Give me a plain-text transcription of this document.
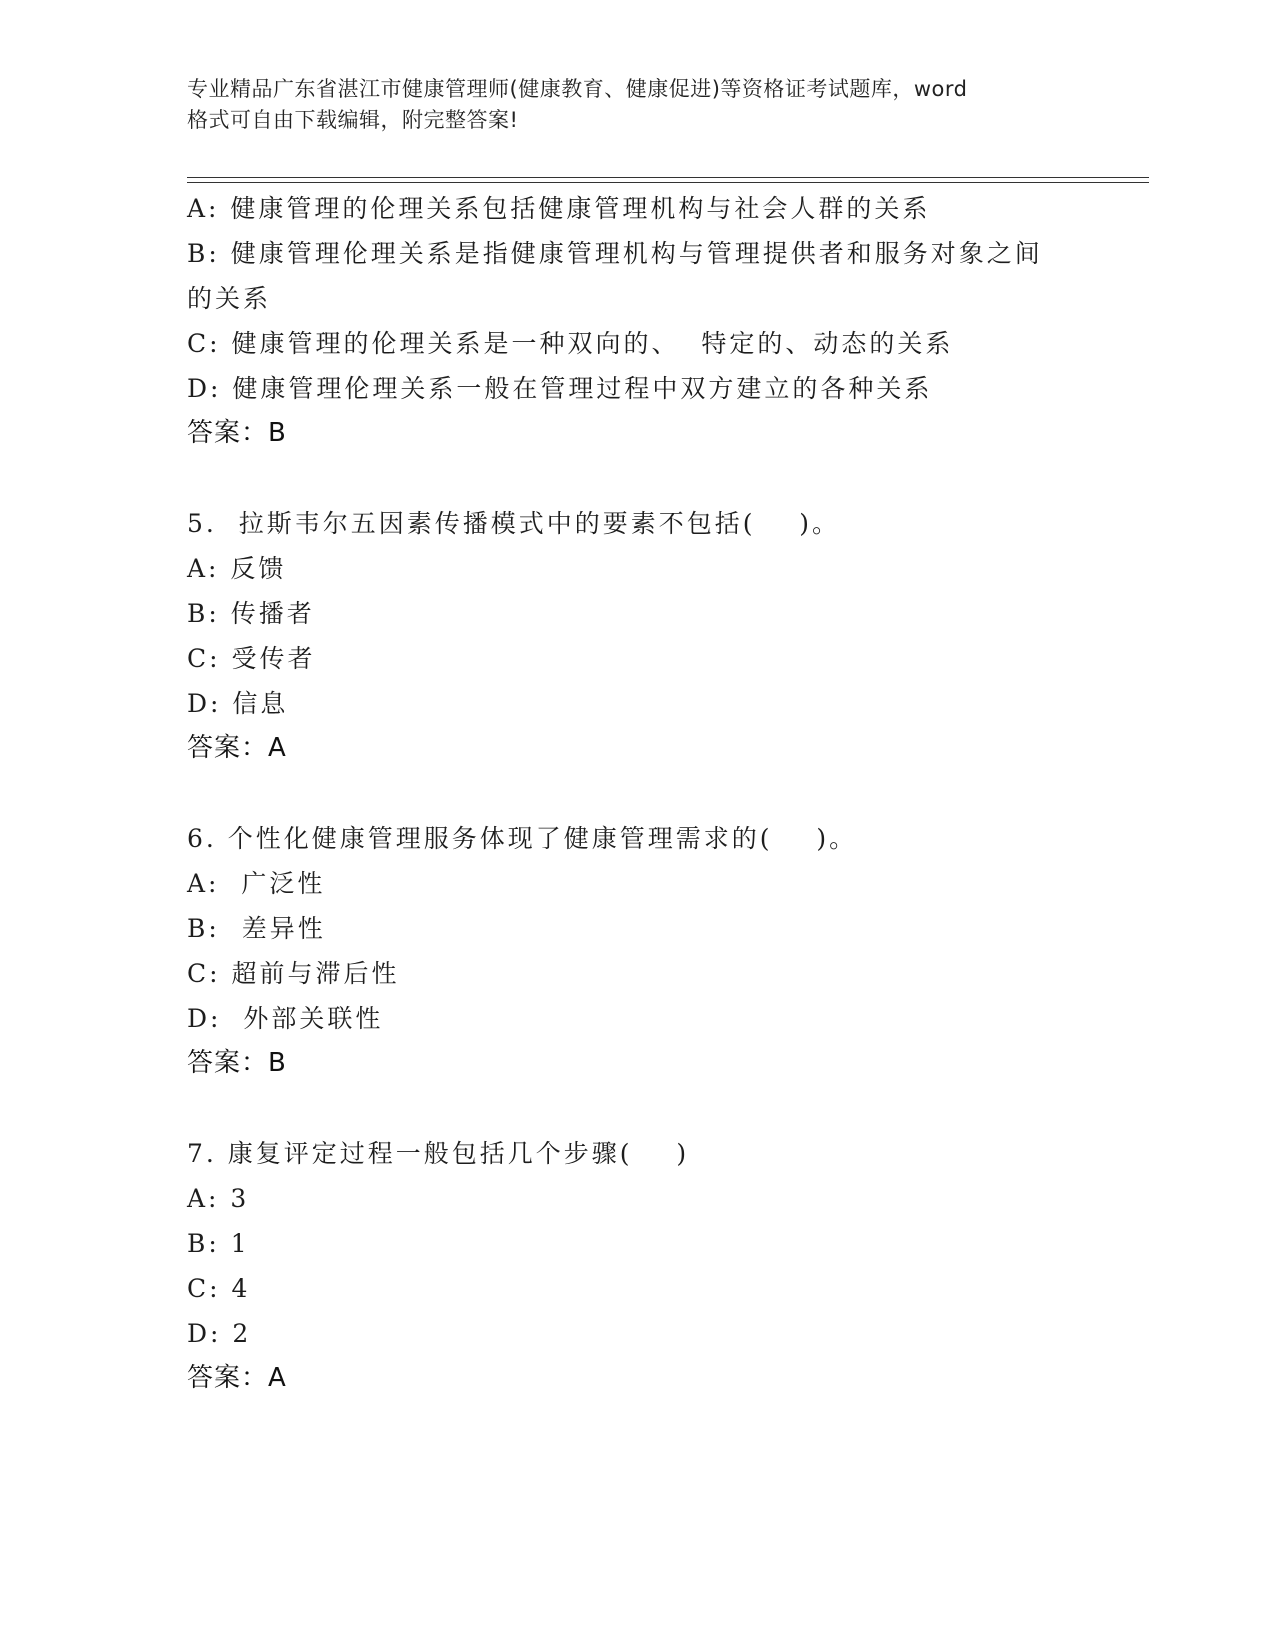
专业精品广东省湛江市健康管理师(健康教育、健康促进)等资格证考试题库，word
格式可自由下载编辑，附完整答案!
A: 健康管理的伦理关系包括健康管理机构与社会人群的关系
B: 健康管理伦理关系是指健康管理机构与管理提供者和服务对象之间
的关系
C: 健康管理的伦理关系是一种双向的、  特定的、动态的关系
D: 健康管理伦理关系一般在管理过程中双方建立的各种关系
答案：B
5.  拉斯韦尔五因素传播模式中的要素不包括(    )。
A: 反馈
B: 传播者
C: 受传者
D: 信息
答案：A
6. 个性化健康管理服务体现了健康管理需求的(    )。
A:  广泛性
B:  差异性
C: 超前与滞后性
D:  外部关联性
答案：B
7. 康复评定过程一般包括几个步骤(    )
A: 3
B: 1
C: 4
D: 2
答案：A
